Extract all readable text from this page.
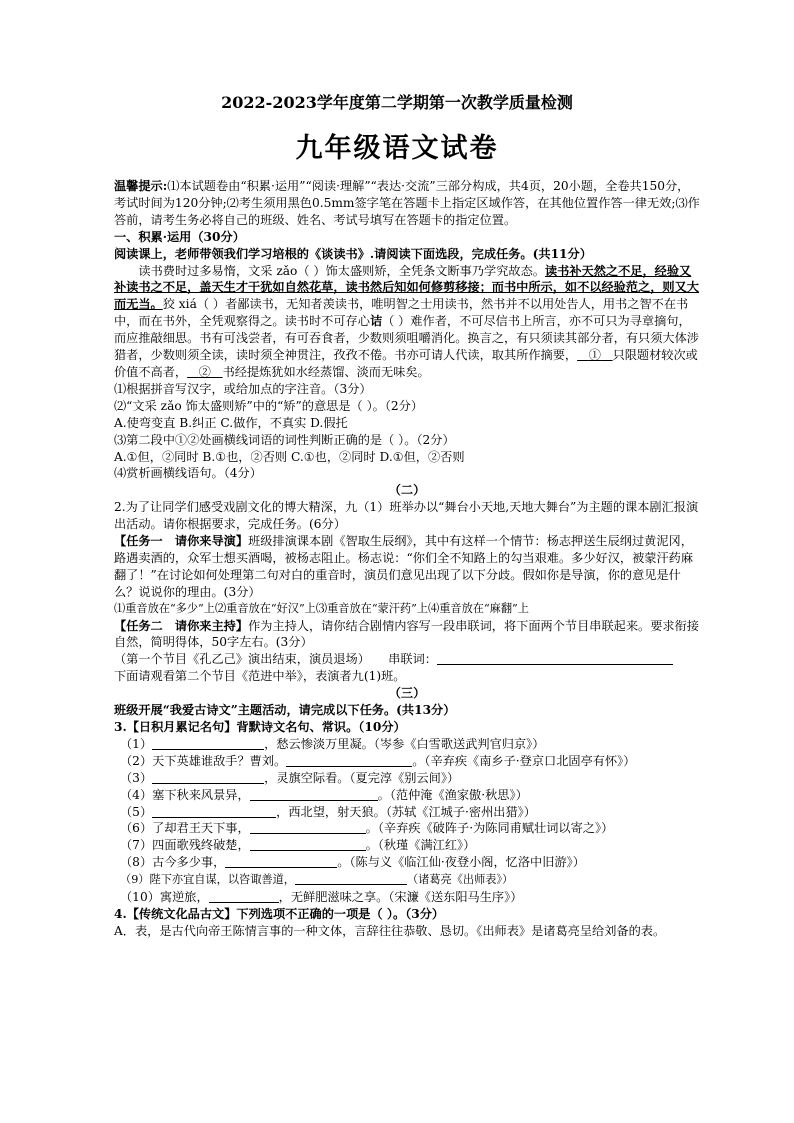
2022-2023学年度第二学期第一次教学质量检测
九年级语文试卷

温馨提示:⑴本试题卷由“积累·运用”“阅读·理解”“表达·交流”三部分构成，共4页，20小题，全卷共150分，考试时间为120分钟;⑵考生须用黑色0.5mm签字笔在答题卡上指定区域作答，在其他位置作答一律无效;⑶作答前，请考生务必将自己的班级、姓名、考试号填写在答题卡的指定位置。

一、积累·运用（30分）

阅读课上，老师带领我们学习培根的《谈读书》.请阅读下面选段，完成任务。(共11分）

读书费时过多易惰，文采 zǎo（ ）饰太盛则矫，全凭条文断事乃学究故态。读书补天然之不足，经验又补读书之不足，盖天生才干犹如自然花草，读书然后知如何修剪移接；而书中所示，如不以经验范之，则又大而无当。狡 xiá（ ）者鄙读书，无知者羡读书，唯明智之士用读书，然书并不以用处告人，用书之智不在书中，而在书外，全凭观察得之。读书时不可存心诘（ ）难作者，不可尽信书上所言，亦不可只为寻章摘句，而应推敲细思。书有可浅尝者，有可吞食者，少数则须咀嚼消化。换言之，有只须读其部分者，有只须大体涉猎者，少数则须全读，读时须全神贯注，孜孜不倦。书亦可请人代读，取其所作摘要， ① 只限题材较次或价值不高者， ② 书经提炼犹如水经蒸馏、淡而无味矣。

⑴根据拼音写汉字，或给加点的字注音。（3分）

⑵“文采 zǎo 饰太盛则矫”中的“矫”的意思是（ ）。（2分）

A.使弯变直 B.纠正 C.做作，不真实 D.假托

⑶第二段中①②处画横线词语的词性判断正确的是（ ）。（2分）

A.①但，②同时 B.①也，②否则 C.①也，②同时 D.①但，②否则

⑷赏析画横线语句。（4分）

（二）

2.为了让同学们感受戏剧文化的博大精深，九（1）班举办以“舞台小天地,天地大舞台”为主题的课本剧汇报演出活动。请你根据要求，完成任务。(6分）

【任务一　请你来导演】班级排演课本剧《智取生辰纲》，其中有这样一个情节：杨志押送生辰纲过黄泥冈，路遇卖酒的，众军士想买酒喝，被杨志阻止。杨志说：“你们全不知路上的勾当艰难。多少好汉，被蒙汗药麻翻了！”在讨论如何处理第二句对白的重音时，演员们意见出现了以下分歧。假如你是导演，你的意见是什么？说说你的理由。(3分）

⑴重音放在“多少”上⑵重音放在“好汉”上⑶重音放在“蒙汗药”上⑷重音放在“麻翻”上

【任务二　请你来主持】作为主持人，请你结合剧情内容写一段串联词，将下面两个节目串联起来。要求衔接自然，简明得体，50字左右。(3分）

（第一个节目《孔乙己》演出结束，演员退场）　　串联词：

下面请观看第二个节目《范进中举》，表演者九(1)班。

（三）

班级开展“我爱古诗文”主题活动，请完成以下任务。(共13分）

3.【日积月累记名句】背默诗文名句、常识。（10分）

（1）	，愁云惨淡万里凝。（岑参《白雪歌送武判官归京》）

（2）天下英雄谁敌手？曹刘。	。（辛弃疾《南乡子·登京口北固亭有怀》）

（3）	，灵旗空际看。（夏完淳《别云间》）

（4）塞下秋来风景异，	。（范仲淹《渔家傲·秋思》）

（5）	，西北望，射天狼。（苏轼《江城子·密州出猎》）

（6）了却君王天下事，	。（辛弃疾《破阵子·为陈同甫赋壮词以寄之》）

（7）四面歌残终破楚，	。（秋瑾《满江红》）

（8）古今多少事，	。（陈与义《临江仙·夜登小阁，忆洛中旧游》）

（9）陛下亦宜自谋，以咨诹善道，	（诸葛亮《出师表》）

（10）寓逆旅，	，无鲜肥滋味之享。（宋濂《送东阳马生序》）

4.【传统文化品古文】下列选项不正确的一项是（ ）。（3分）

A．表，是古代向帝王陈情言事的一种文体，言辞往往恭敬、恳切。《出师表》是诸葛亮呈给刘备的表。
